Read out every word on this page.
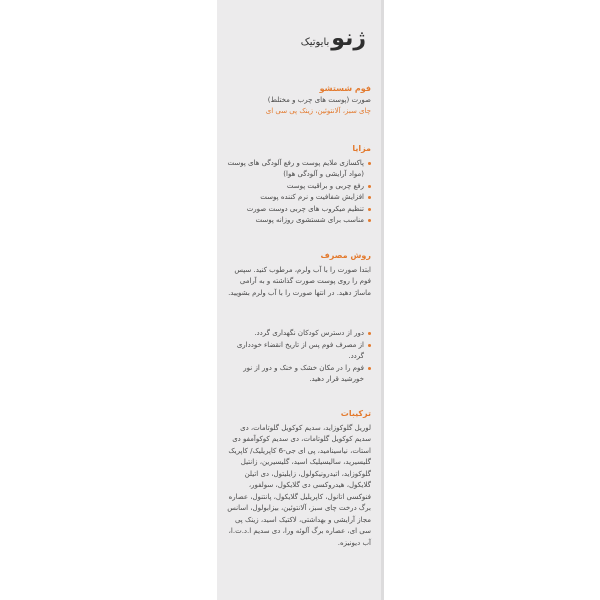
ژنو
بایوتیک
فوم شستشو
صورت (پوست های چرب و مختلط)
چای سبز، آلانتوئین، زینک پی سی ای
مزایا
پاکسازی ملایم پوست و رفع آلودگی های پوست (مواد آرایشی و آلودگی هوا)
رفع چربی و براقیت پوست
افزایش شفافیت و نرم کننده پوست
تنظیم میکروب های چربی دوست صورت
مناسب برای شستشوی روزانه پوست
روش مصرف

ابتدا صورت را با آب ولرم، مرطوب کنید. سپس فوم را روی پوست صورت گذاشته و به آرامی ماساژ دهید. در انتها صورت را با آب ولرم بشویید.

دور از دسترس کودکان نگهداری گردد.
از مصرف فوم پس از تاریخ انقضاء خودداری گردد.
فوم را در مکان خشک و خنک و دور از نور خورشید قرار دهید.
ترکیبات

لوریل گلوکوزاید، سدیم کوکویل گلوتامات، دی سدیم کوکویل گلوتامات، دی سدیم کوکوآمفو دی استات، نیاسینامید، پی ای جی-6 کاپریلیک/ کاپریک گلیسیرید، سالیسیلیک اسید، گلیسیرین، زانتیل گلوکوزاید، اتیدرونیکولول، زایلیتول، دی اتیلن گلایکول، هیدروکسی دی گلایکول، سولفور، فنوکسی اتانول، کاپریلیل گلایکول، پانتنول، عصاره برگ درخت چای سبز، آلانتوئین، بیزابولول، اسانس مجاز آرایشی و بهداشتی، لاکتیک اسید، زینک پی سی ای، عصاره برگ آلوئه ورا، دی سدیم ا.د.ت.ا، آب دیونیزه.
